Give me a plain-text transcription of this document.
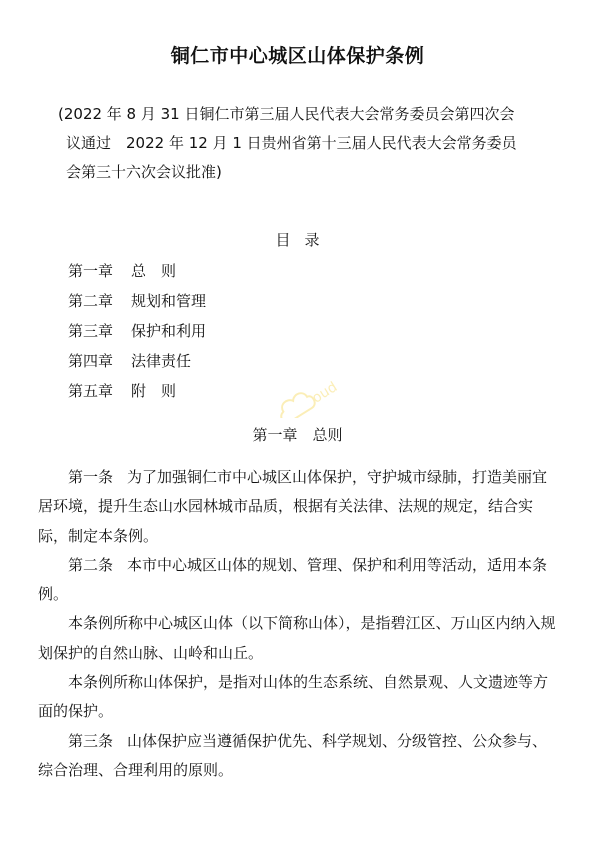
铜仁市中心城区山体保护条例
(2022 年 8 月 31 日铜仁市第三届人民代表大会常务委员会第四次会
议通过　2022 年 12 月 1 日贵州省第十三届人民代表大会常务委员
会第三十六次会议批准)
目录
第一章 总　则
第二章 规划和管理
第三章 保护和利用
第四章 法律责任
第五章 附　则	oud
第一章　总则

第一条 为了加强铜仁市中心城区山体保护，守护城市绿肺，打造美丽宜居环境，提升生态山水园林城市品质，根据有关法律、法规的规定，结合实际，制定本条例。

第二条 本市中心城区山体的规划、管理、保护和利用等活动，适用本条例。

本条例所称中心城区山体（以下简称山体），是指碧江区、万山区内纳入规划保护的自然山脉、山岭和山丘。

本条例所称山体保护，是指对山体的生态系统、自然景观、人文遗迹等方面的保护。

第三条 山体保护应当遵循保护优先、科学规划、分级管控、公众参与、综合治理、合理利用的原则。
